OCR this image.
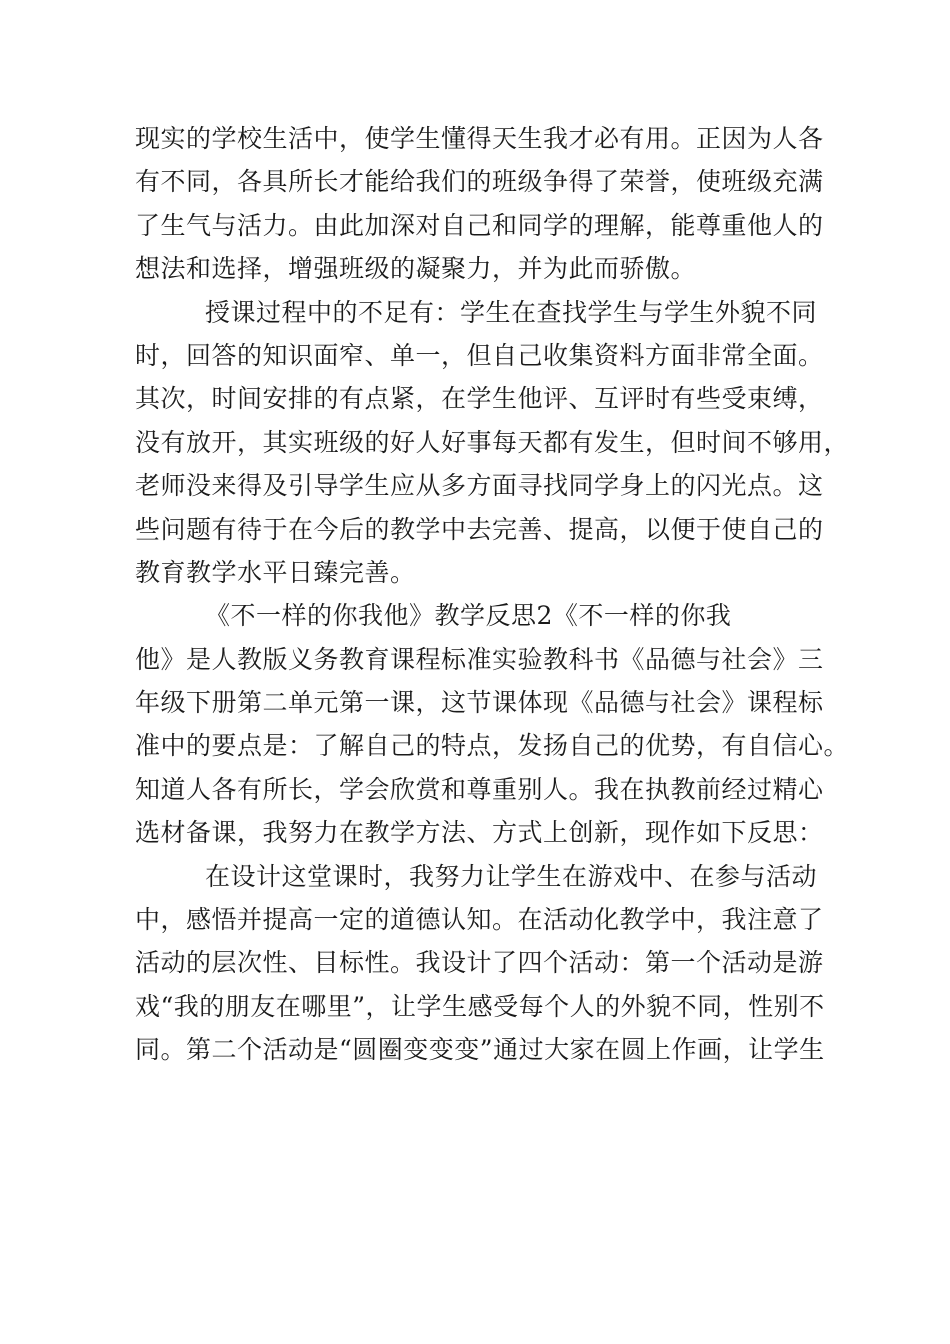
现实的学校生活中，使学生懂得天生我才必有用。正因为人各
有不同，各具所长才能给我们的班级争得了荣誉，使班级充满
了生气与活力。由此加深对自己和同学的理解，能尊重他人的
想法和选择，增强班级的凝聚力，并为此而骄傲。
授课过程中的不足有：学生在查找学生与学生外貌不同
时，回答的知识面窄、单一，但自己收集资料方面非常全面。
其次，时间安排的有点紧，在学生他评、互评时有些受束缚，
没有放开，其实班级的好人好事每天都有发生，但时间不够用，
老师没来得及引导学生应从多方面寻找同学身上的闪光点。这
些问题有待于在今后的教学中去完善、提高，以便于使自己的
教育教学水平日臻完善。
《不一样的你我他》教学反思2《不一样的你我
他》是人教版义务教育课程标准实验教科书《品德与社会》三
年级下册第二单元第一课，这节课体现《品德与社会》课程标
准中的要点是：了解自己的特点，发扬自己的优势，有自信心。
知道人各有所长，学会欣赏和尊重别人。我在执教前经过精心
选材备课，我努力在教学方法、方式上创新，现作如下反思：
在设计这堂课时，我努力让学生在游戏中、在参与活动
中，感悟并提高一定的道德认知。在活动化教学中，我注意了
活动的层次性、目标性。我设计了四个活动：第一个活动是游
戏“我的朋友在哪里”，让学生感受每个人的外貌不同，性别不
同。第二个活动是“圆圈变变变”通过大家在圆上作画，让学生
